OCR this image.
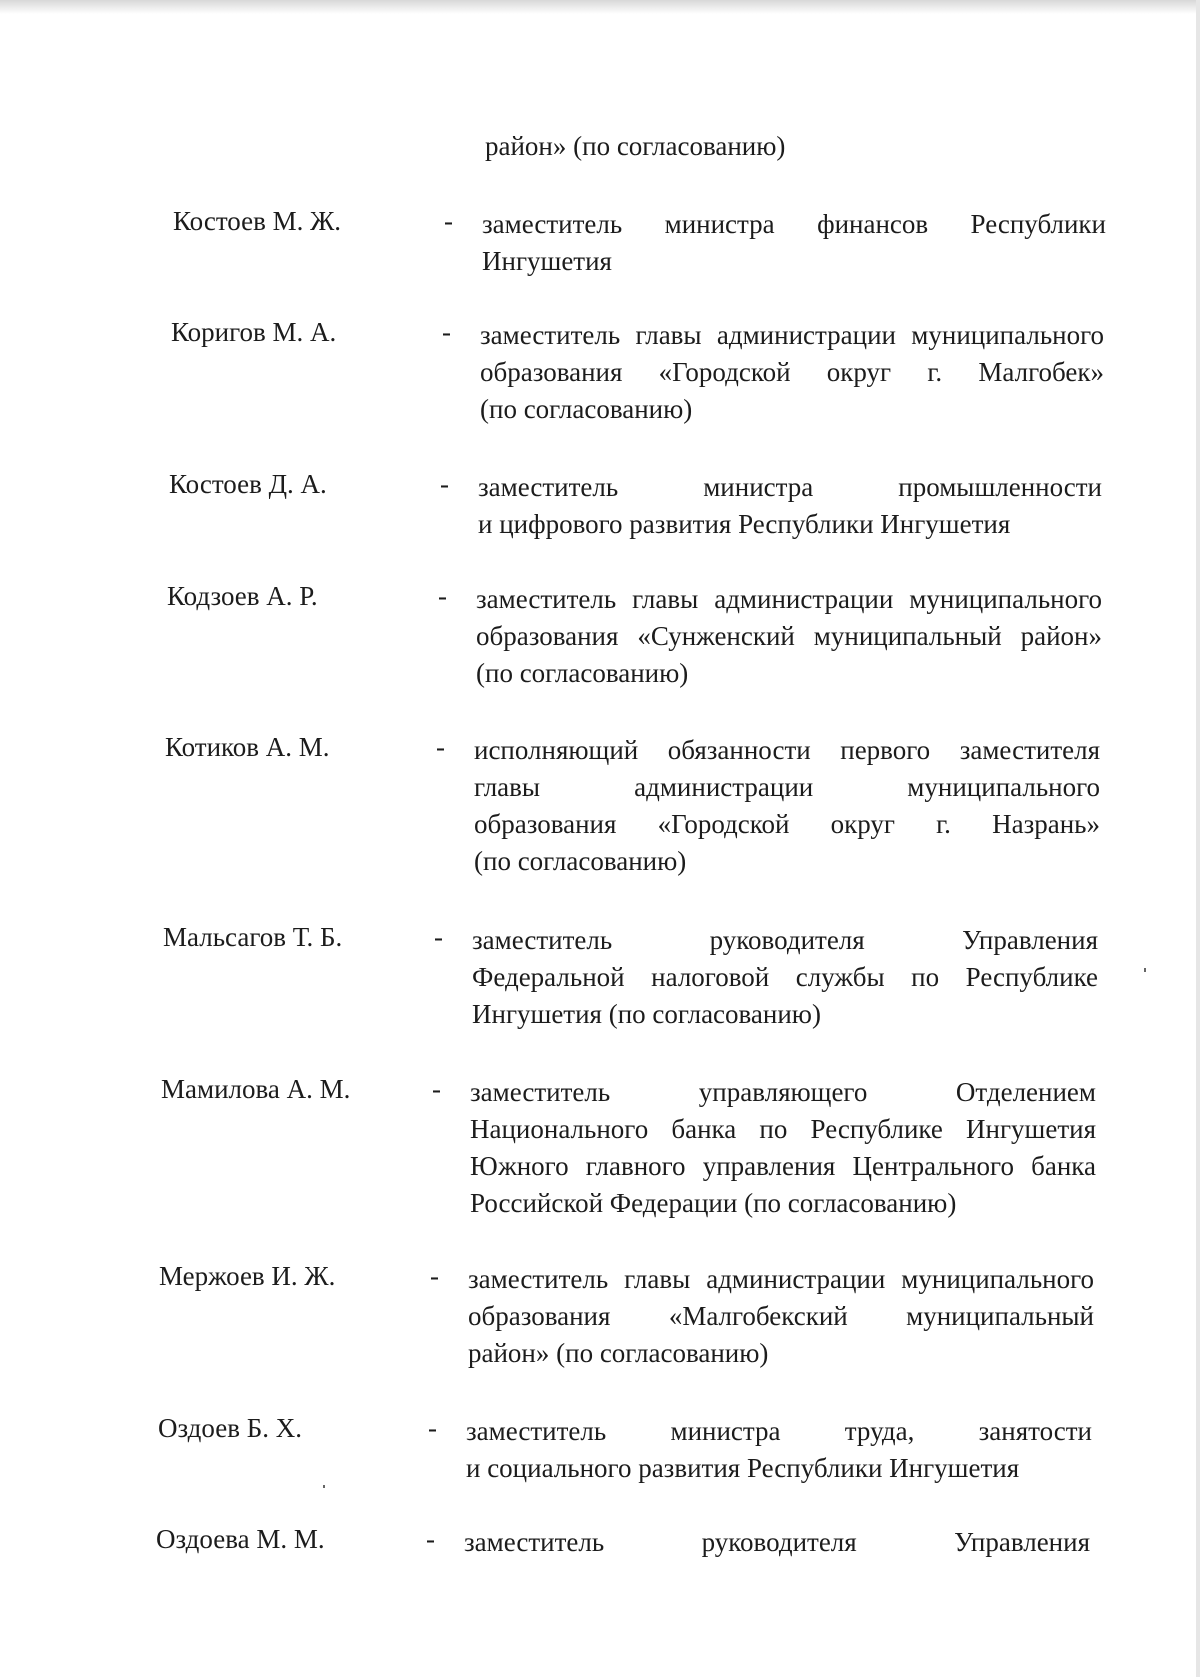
район» (по согласованию)
Костоев М. Ж.	- заместитель министра финансов Республики
Ингушетия
Коригов М. А.	- заместитель главы администрации муниципального
образования «Городской округ г. Малгобек»
(по согласованию)
Костоев Д. А.	- заместитель министра промышленности
и цифрового развития Республики Ингушетия
Кодзоев А. Р.	- заместитель главы администрации муниципального
образования «Сунженский муниципальный район»
(по согласованию)
Котиков А. М.	- исполняющий обязанности первого заместителя
главы администрации муниципального
образования «Городской округ г. Назрань»
(по согласованию)
Мальсагов Т. Б.	- заместитель руководителя Управления
Федеральной налоговой службы по Республике
Ингушетия (по согласованию)
Мамилова А. М.	- заместитель управляющего Отделением
Национального банка по Республике Ингушетия
Южного главного управления Центрального банка
Российской Федерации (по согласованию)
Мержоев И. Ж.	- заместитель главы администрации муниципального
образования «Малгобекский муниципальный
район» (по согласованию)
Оздоев Б. Х.	- заместитель министра труда, занятости
и социального развития Республики Ингушетия
Оздоева М. М.	- заместитель руководителя Управления
